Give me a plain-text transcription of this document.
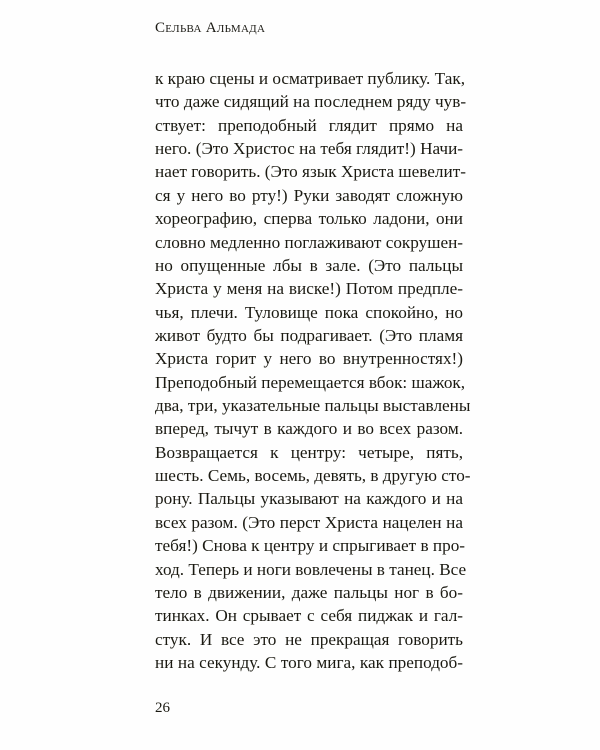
Сельва Альмада
к краю сцены и осматривает публику. Так,
что даже сидящий на последнем ряду чув-
ствует: преподобный глядит прямо на
него. (Это Христос на тебя глядит!) Начи-
нает говорить. (Это язык Христа шевелит-
ся у него во рту!) Руки заводят сложную
хореографию, сперва только ладони, они
словно медленно поглаживают сокрушен-
но опущенные лбы в зале. (Это пальцы
Христа у меня на виске!) Потом предпле-
чья, плечи. Туловище пока спокойно, но
живот будто бы подрагивает. (Это пламя
Христа горит у него во внутренностях!)
Преподобный перемещается вбок: шажок,
два, три, указательные пальцы выставлены
вперед, тычут в каждого и во всех разом.
Возвращается к центру: четыре, пять,
шесть. Семь, восемь, девять, в другую сто-
рону. Пальцы указывают на каждого и на
всех разом. (Это перст Христа нацелен на
тебя!) Снова к центру и спрыгивает в про-
ход. Теперь и ноги вовлечены в танец. Все
тело в движении, даже пальцы ног в бо-
тинках. Он срывает с себя пиджак и гал-
стук. И все это не прекращая говорить
ни на секунду. С того мига, как преподоб-
26
